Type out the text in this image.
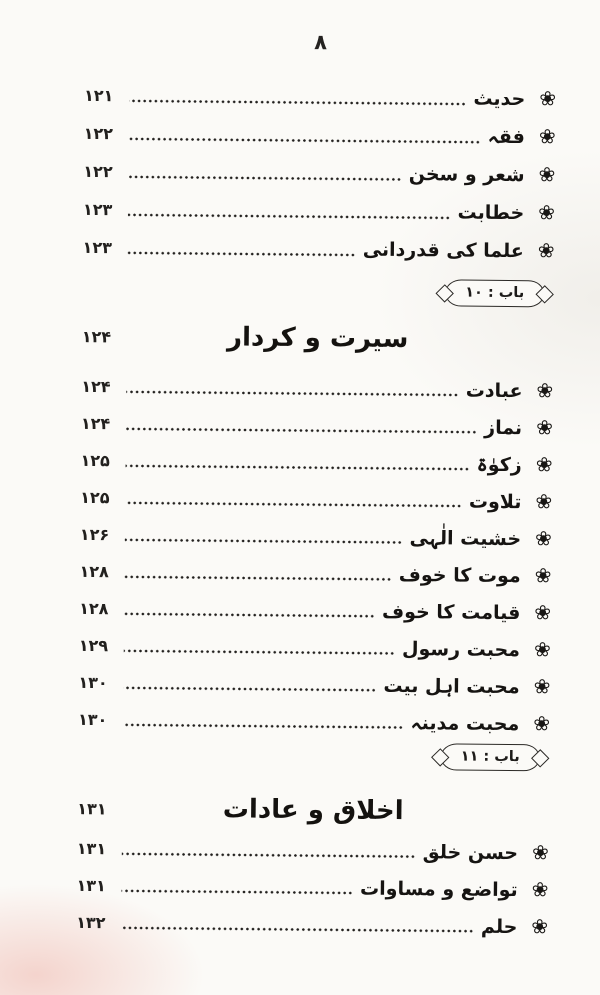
۸
❀
حدیث
۱۲۱
❀
فقہ
۱۲۲
❀
شعر و سخن
۱۲۲
❀
خطابت
۱۲۳
❀
علما کی قدردانی
۱۲۳
باب : ۱۰
۱۲۴	سیرت و کردار
❀
عبادت
۱۲۴
❀
نماز
۱۲۴
❀
زکوٰۃ
۱۲۵
❀
تلاوت
۱۲۵
❀
خشیت الٰہی
۱۲۶
❀
موت کا خوف
۱۲۸
❀
قیامت کا خوف
۱۲۸
❀
محبت رسول
۱۲۹
❀
محبت اہل بیت
۱۳۰
❀
محبت مدینہ
۱۳۰
باب : ۱۱
۱۳۱	اخلاق و عادات
❀
حسن خلق
۱۳۱
❀
تواضع و مساوات
۱۳۱
❀
حلم
۱۳۲
